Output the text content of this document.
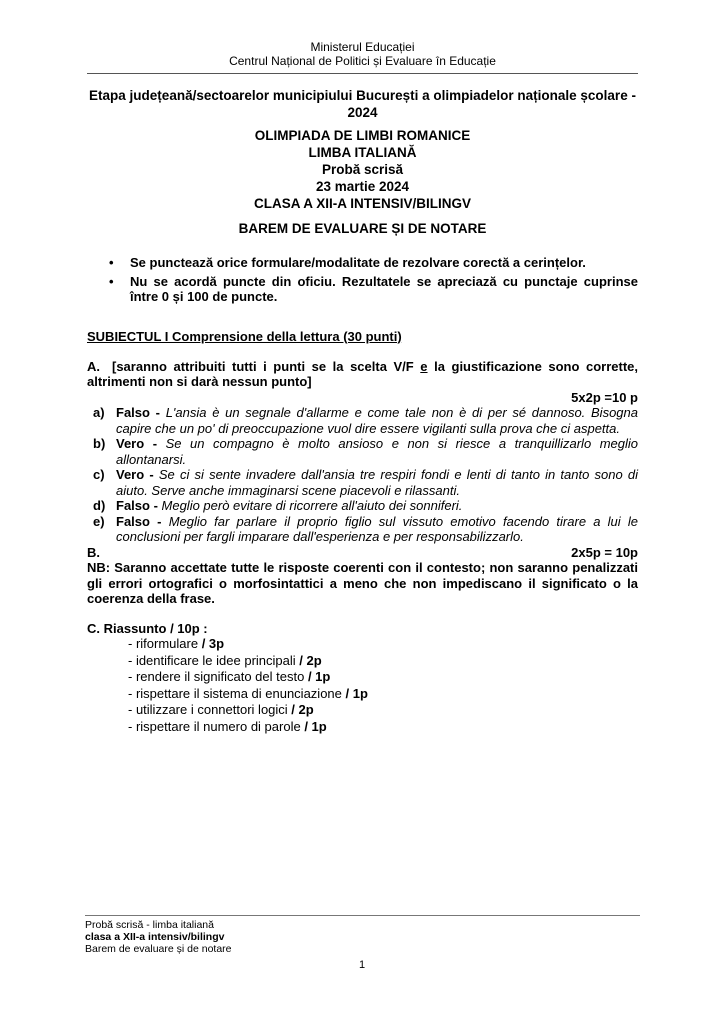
Ministerul Educației
Centrul Național de Politici și Evaluare în Educație
Etapa județeană/sectoarelor municipiului București a olimpiadelor naționale școlare - 2024
OLIMPIADA DE LIMBI ROMANICE
LIMBA ITALIANĂ
Probă scrisă
23 martie 2024
CLASA A XII-A INTENSIV/BILINGV
BAREM DE EVALUARE ȘI DE NOTARE
•	Se punctează orice formulare/modalitate de rezolvare corectă a cerințelor.
•	Nu se acordă puncte din oficiu. Rezultatele se apreciază cu punctaje cuprinse între 0 și 100 de puncte.
SUBIECTUL I Comprensione della lettura (30 punti)
A. [saranno attribuiti tutti i punti se la scelta V/F e la giustificazione sono corrette, altrimenti non si darà nessun punto]
5x2p =10 p
a) Falso - L'ansia è un segnale d'allarme e come tale non è di per sé dannoso. Bisogna capire che un po' di preoccupazione vuol dire essere vigilanti sulla prova che ci aspetta.
b) Vero - Se un compagno è molto ansioso e non si riesce a tranquillizarlo meglio allontanarsi.
c) Vero - Se ci si sente invadere dall'ansia tre respiri fondi e lenti di tanto in tanto sono di aiuto. Serve anche immaginarsi scene piacevoli e rilassanti.
d) Falso - Meglio però evitare di ricorrere all'aiuto dei sonniferi.
e) Falso - Meglio far parlare il proprio figlio sul vissuto emotivo facendo tirare a lui le conclusioni per fargli imparare dall'esperienza e per responsabilizzarlo.
B.	2x5p = 10p
NB: Saranno accettate tutte le risposte coerenti con il contesto; non saranno penalizzati gli errori ortografici o morfosintattici a meno che non impediscano il significato o la coerenza della frase.
C. Riassunto / 10p :
- riformulare / 3p
- identificare le idee principali / 2p
- rendere il significato del testo / 1p
- rispettare il sistema di enunciazione / 1p
- utilizzare i connettori logici / 2p
- rispettare il numero di parole / 1p
Probă scrisă - limba italiană
clasa a XII-a intensiv/bilingv
Barem de evaluare și de notare
1
